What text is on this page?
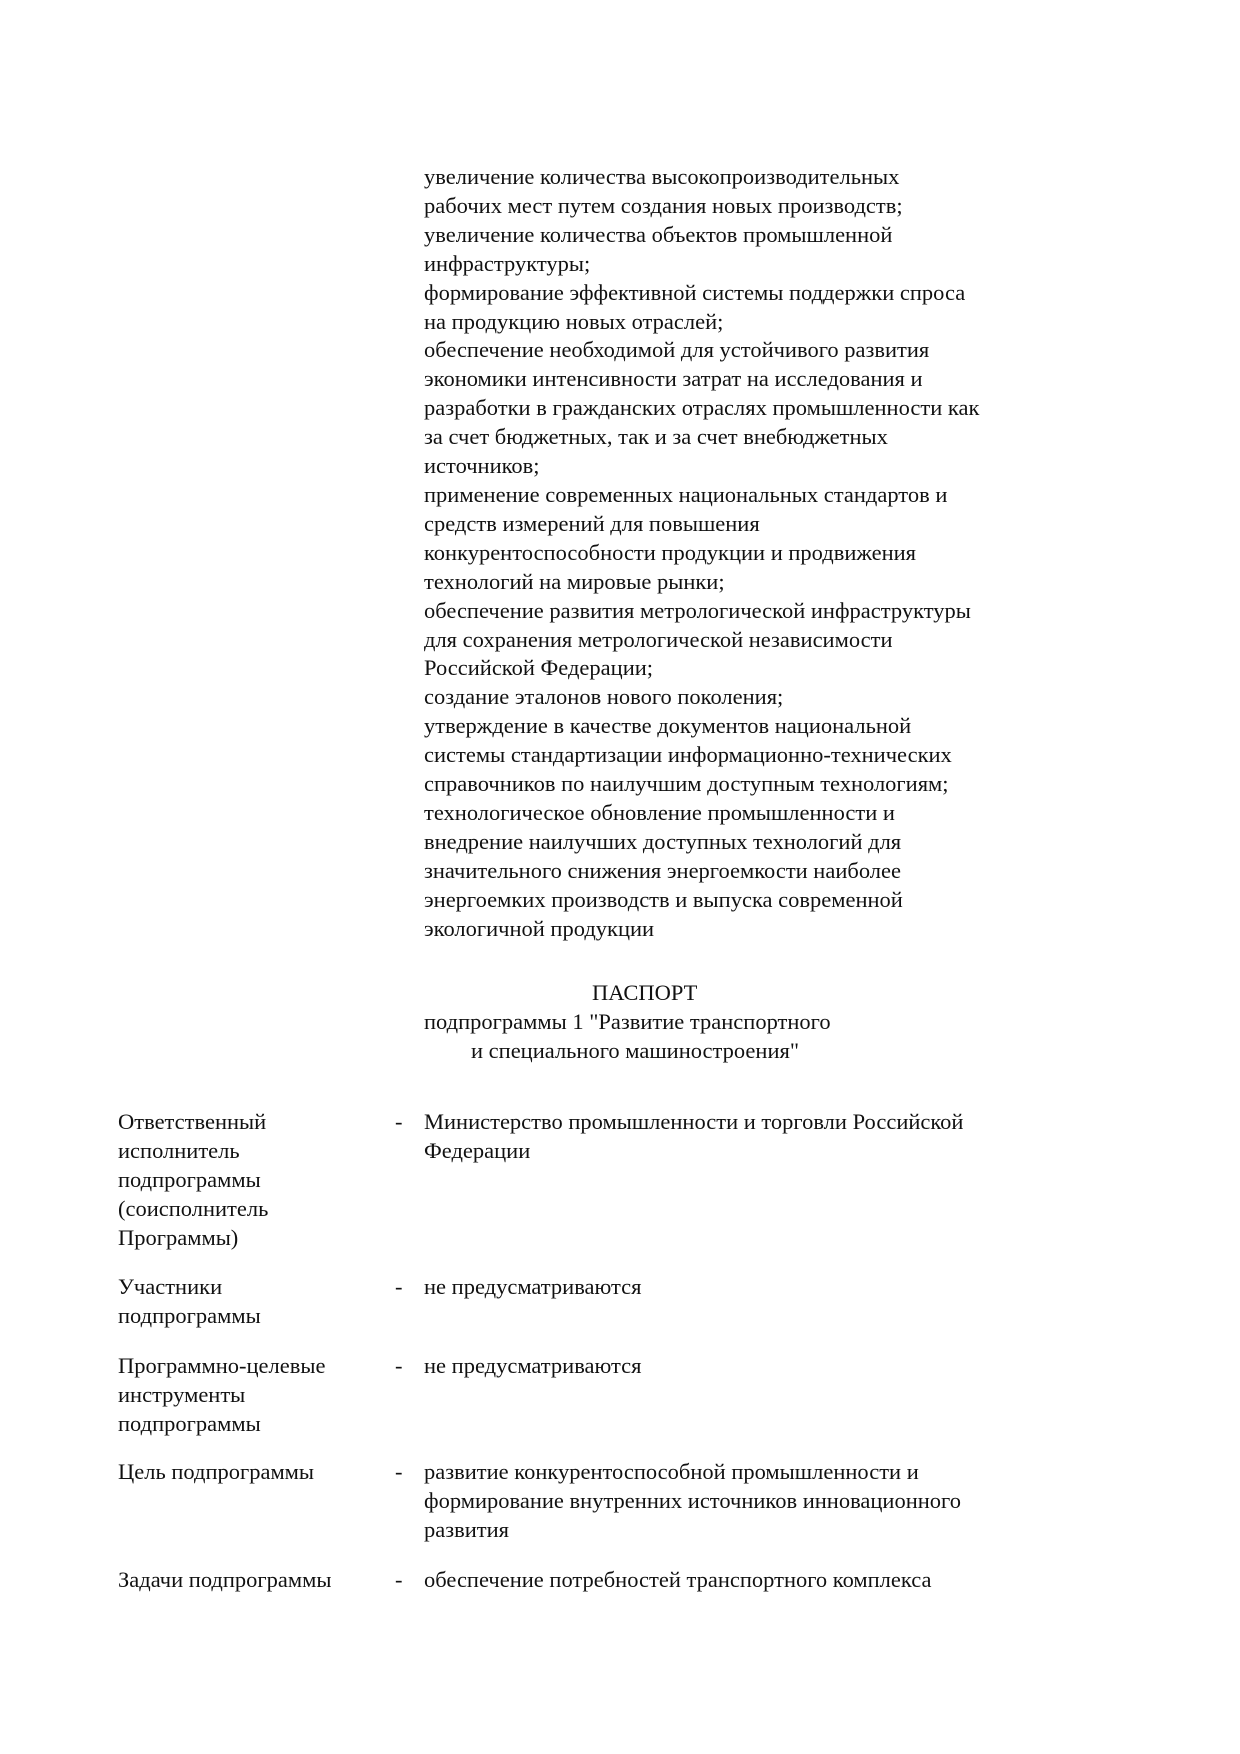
увеличение количества высокопроизводительных
рабочих мест путем создания новых производств;
увеличение количества объектов промышленной
инфраструктуры;
формирование эффективной системы поддержки спроса
на продукцию новых отраслей;
обеспечение необходимой для устойчивого развития
экономики интенсивности затрат на исследования и
разработки в гражданских отраслях промышленности как
за счет бюджетных, так и за счет внебюджетных
источников;
применение современных национальных стандартов и
средств измерений для повышения
конкурентоспособности продукции и продвижения
технологий на мировые рынки;
обеспечение развития метрологической инфраструктуры
для сохранения метрологической независимости
Российской Федерации;
создание эталонов нового поколения;
утверждение в качестве документов национальной
системы стандартизации информационно-технических
справочников по наилучшим доступным технологиям;
технологическое обновление промышленности и
внедрение наилучших доступных технологий для
значительного снижения энергоемкости наиболее
энергоемких производств и выпуска современной
экологичной продукции
ПАСПОРТ
подпрограммы 1 "Развитие транспортного
и специального машиностроения"
Ответственный
исполнитель
подпрограммы
(соисполнитель
Программы)
- Министерство промышленности и торговли Российской
Федерации
Участники
подпрограммы
- не предусматриваются
Программно-целевые
инструменты
подпрограммы
- не предусматриваются
Цель подпрограммы	- развитие конкурентоспособной промышленности и
формирование внутренних источников инновационного
развития
Задачи подпрограммы	- обеспечение потребностей транспортного комплекса
